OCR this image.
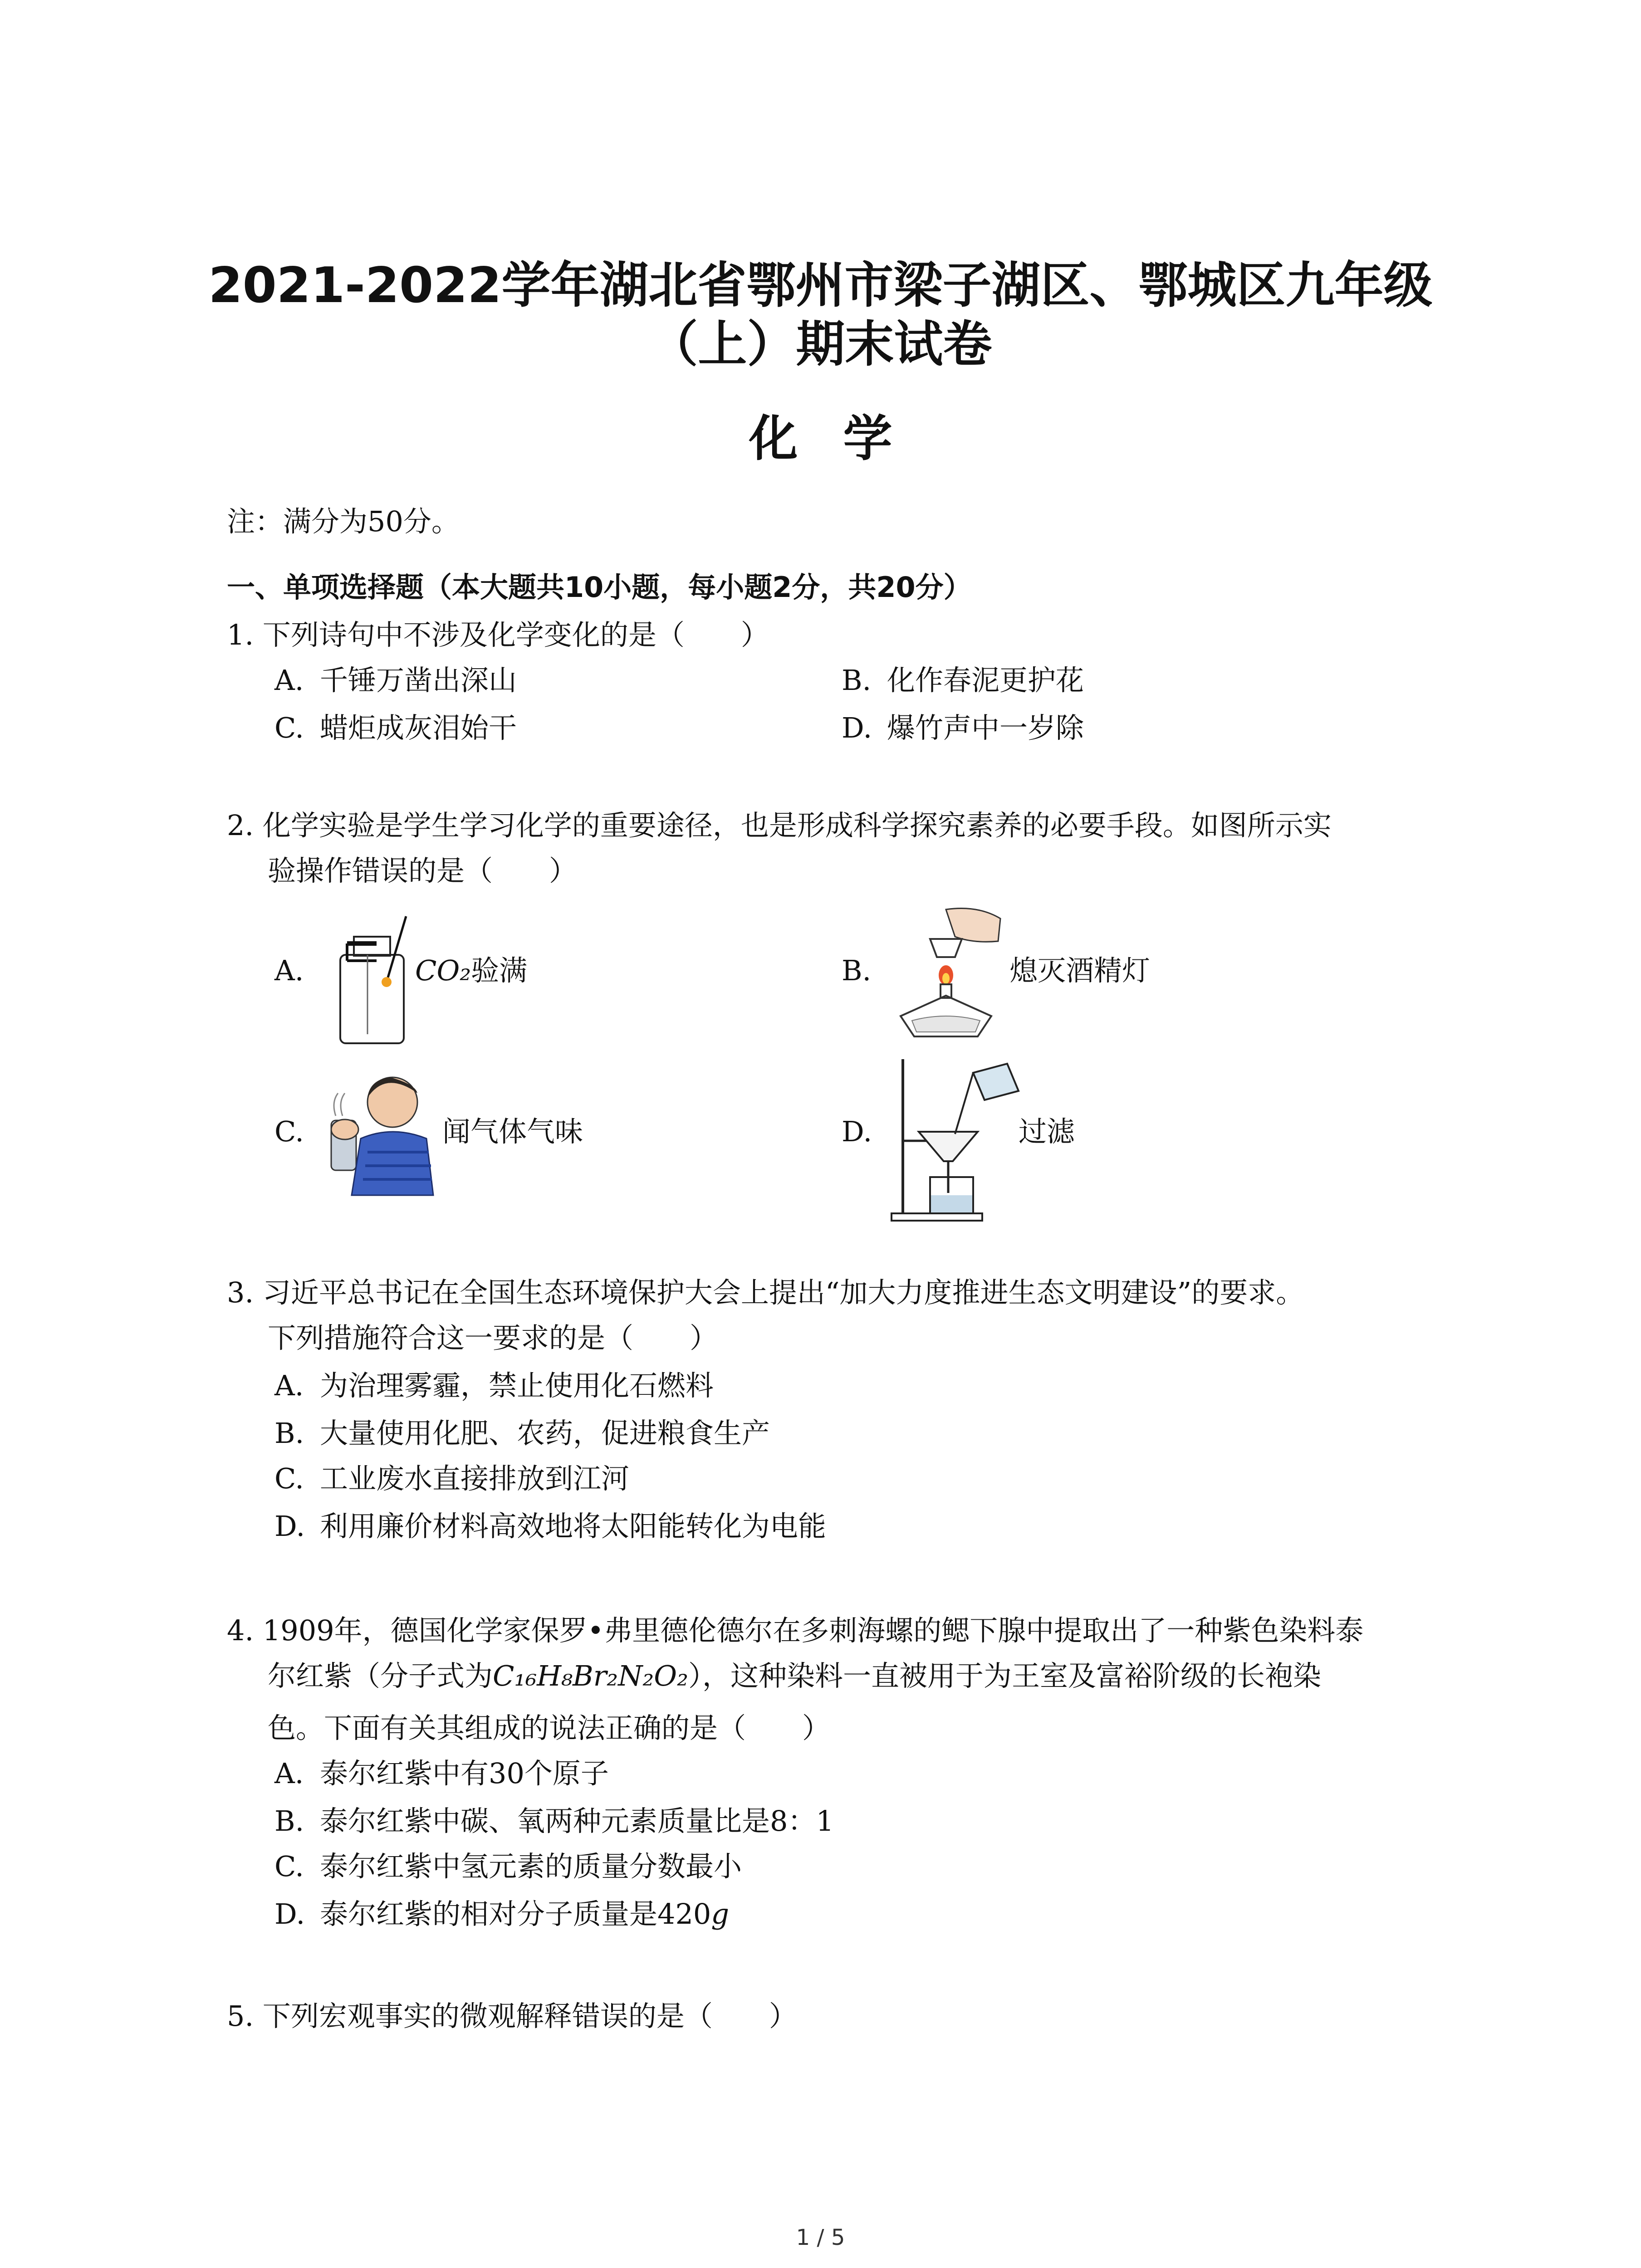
2021-2022学年湖北省鄂州市梁子湖区、鄂城区九年级
（上）期末试卷
化学
注：满分为50分。
一、单项选择题（本大题共10小题，每小题2分，共20分）
1. 下列诗句中不涉及化学变化的是（　　）
A. 千锤万凿出深山	B. 化作春泥更护花
C. 蜡炬成灰泪始干	D. 爆竹声中一岁除
2. 化学实验是学生学习化学的重要途径，也是形成科学探究素养的必要手段。如图所示实
验操作错误的是（　　）
A.	CO₂验满	B.	熄灭酒精灯
C.	闻气体气味	D.	过滤
3. 习近平总书记在全国生态环境保护大会上提出“加大力度推进生态文明建设”的要求。
下列措施符合这一要求的是（　　）
A. 为治理雾霾，禁止使用化石燃料
B. 大量使用化肥、农药，促进粮食生产
C. 工业废水直接排放到江河
D. 利用廉价材料高效地将太阳能转化为电能
4. 1909年，德国化学家保罗•弗里德伦德尔在多刺海螺的鳃下腺中提取出了一种紫色染料泰
尔红紫（分子式为C₁₆H₈Br₂N₂O₂），这种染料一直被用于为王室及富裕阶级的长袍染
色。下面有关其组成的说法正确的是（　　）
A. 泰尔红紫中有30个原子
B. 泰尔红紫中碳、氧两种元素质量比是8：1
C. 泰尔红紫中氢元素的质量分数最小
D. 泰尔红紫的相对分子质量是420g
5. 下列宏观事实的微观解释错误的是（　　）
1 / 5
